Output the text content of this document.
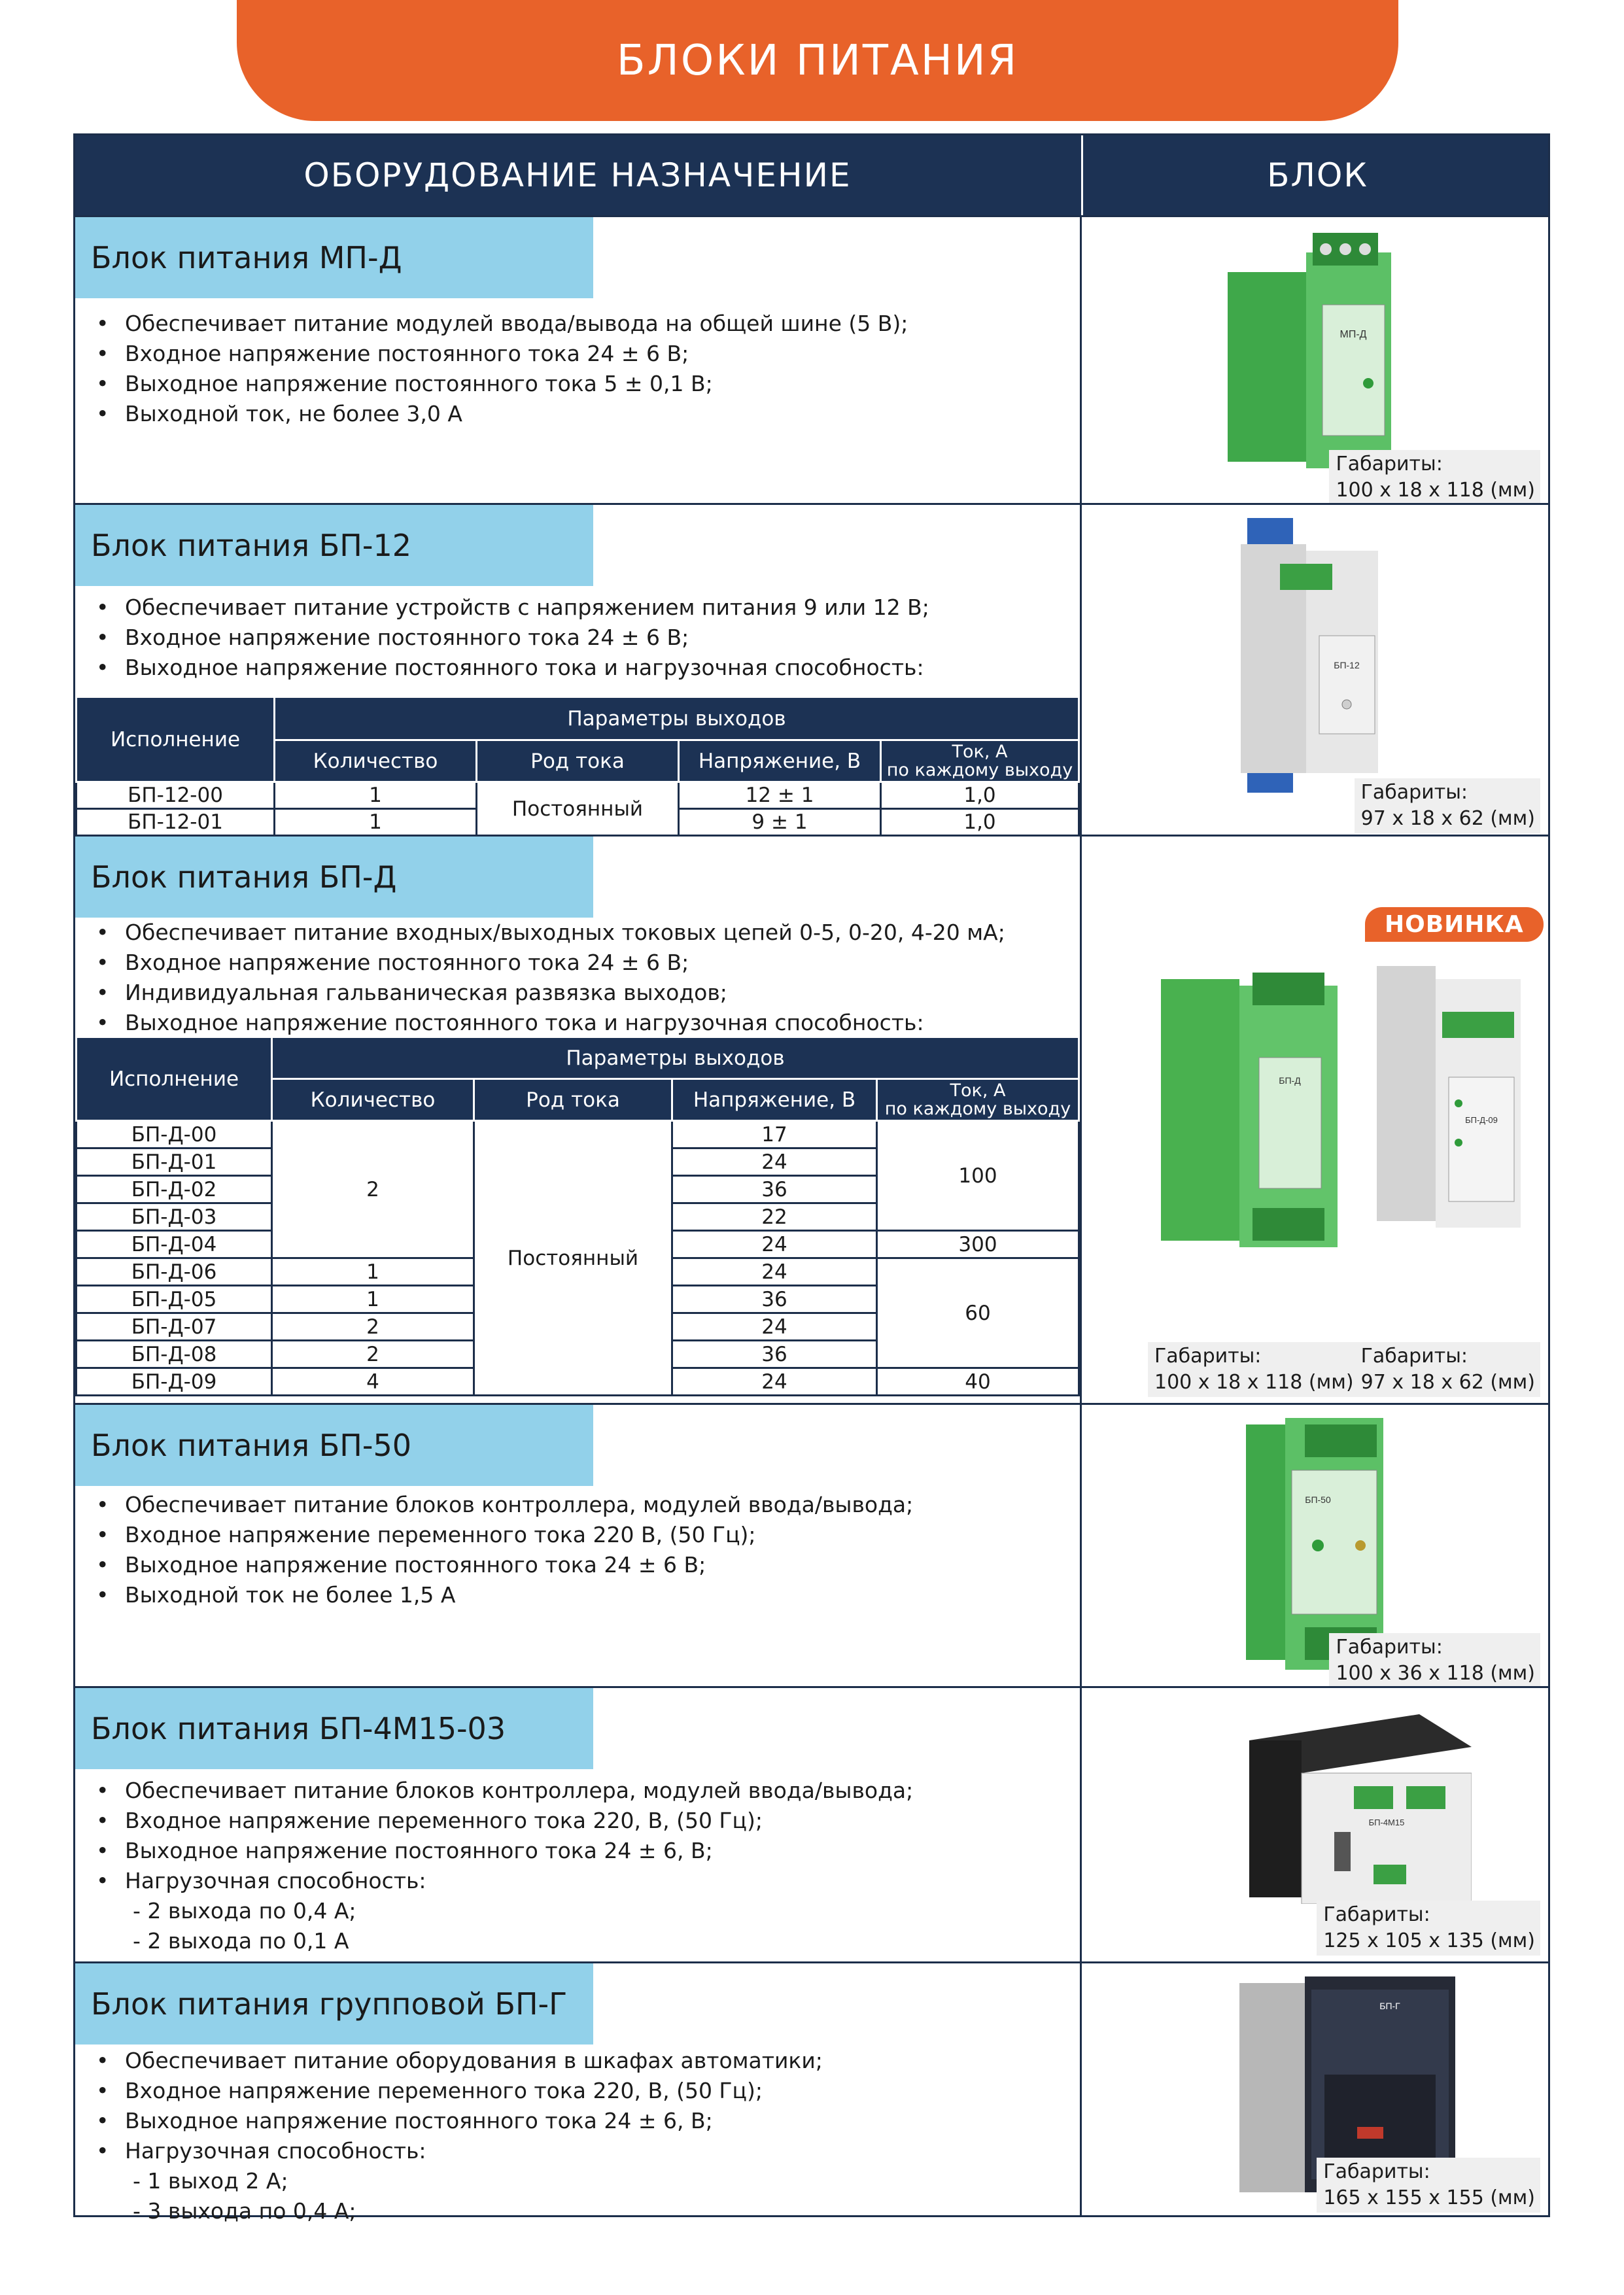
БЛОКИ ПИТАНИЯ
ОБОРУДОВАНИЕ НАЗНАЧЕНИЕ	БЛОК
Блок питания МП-Д
• Обеспечивает питание модулей ввода/вывода на общей шине (5 В);
• Входное напряжение постоянного тока 24 ± 6 В;
• Выходное напряжение постоянного тока 5 ± 0,1 В;
• Выходной ток, не более 3,0 А
МП-Д
Габариты:
100 х 18 х 118 (мм)
Блок питания БП-12
• Обеспечивает питание устройств с напряжением питания 9 или 12 В;
• Входное напряжение постоянного тока 24 ± 6 В;
• Выходное напряжение постоянного тока и нагрузочная способность:
Исполнение	Параметры выходов			
	Количество	Род тока	Напряжение, В	Ток, А
по каждому выходу

БП-12-00	1	Постоянный	12 ± 1	1,0
БП-12-01	1		9 ± 1	1,0
БП-12
Габариты:
97 х 18 х 62 (мм)
Блок питания БП-Д
• Обеспечивает питание входных/выходных токовых цепей 0-5, 0-20, 4-20 мА;
• Входное напряжение постоянного тока 24 ± 6 В;
• Индивидуальная гальваническая развязка выходов;
• Выходное напряжение постоянного тока и нагрузочная способность:
Исполнение	Параметры выходов			
	Количество	Род тока	Напряжение, В	Ток, А
по каждому выходу

БП-Д-00	2	Постоянный	17	100
БП-Д-01			24	
БП-Д-02			36	
БП-Д-03			22	
БП-Д-04			24	300
БП-Д-06	1		24	60
БП-Д-05	1		36	
БП-Д-07	2		24	
БП-Д-08	2		36	
БП-Д-09	4		24	40
НОВИНКА
БП-Д
БП-Д-09
Габариты:
100 х 18 х 118 (мм)
Габариты:
97 х 18 х 62 (мм)
Блок питания БП-50
• Обеспечивает питание блоков контроллера, модулей ввода/вывода;
• Входное напряжение переменного тока 220 В, (50 Гц);
• Выходное напряжение постоянного тока 24 ± 6 В;
• Выходной ток не более 1,5 А
БП-50
Габариты:
100 х 36 х 118 (мм)
Блок питания БП-4М15-03
• Обеспечивает питание блоков контроллера, модулей ввода/вывода;
• Входное напряжение переменного тока 220, В, (50 Гц);
• Выходное напряжение постоянного тока 24 ± 6, В;
• Нагрузочная способность:
- 2 выхода по 0,4 А;
- 2 выхода по 0,1 А
БП-4М15
Габариты:
125 х 105 х 135 (мм)
Блок питания групповой БП-Г
• Обеспечивает питание оборудования в шкафах автоматики;
• Входное напряжение переменного тока 220, В, (50 Гц);
• Выходное напряжение постоянного тока 24 ± 6, В;
• Нагрузочная способность:
- 1 выход 2 А;
- 3 выхода по 0,4 А;
БП-Г
Габариты:
165 х 155 х 155 (мм)
